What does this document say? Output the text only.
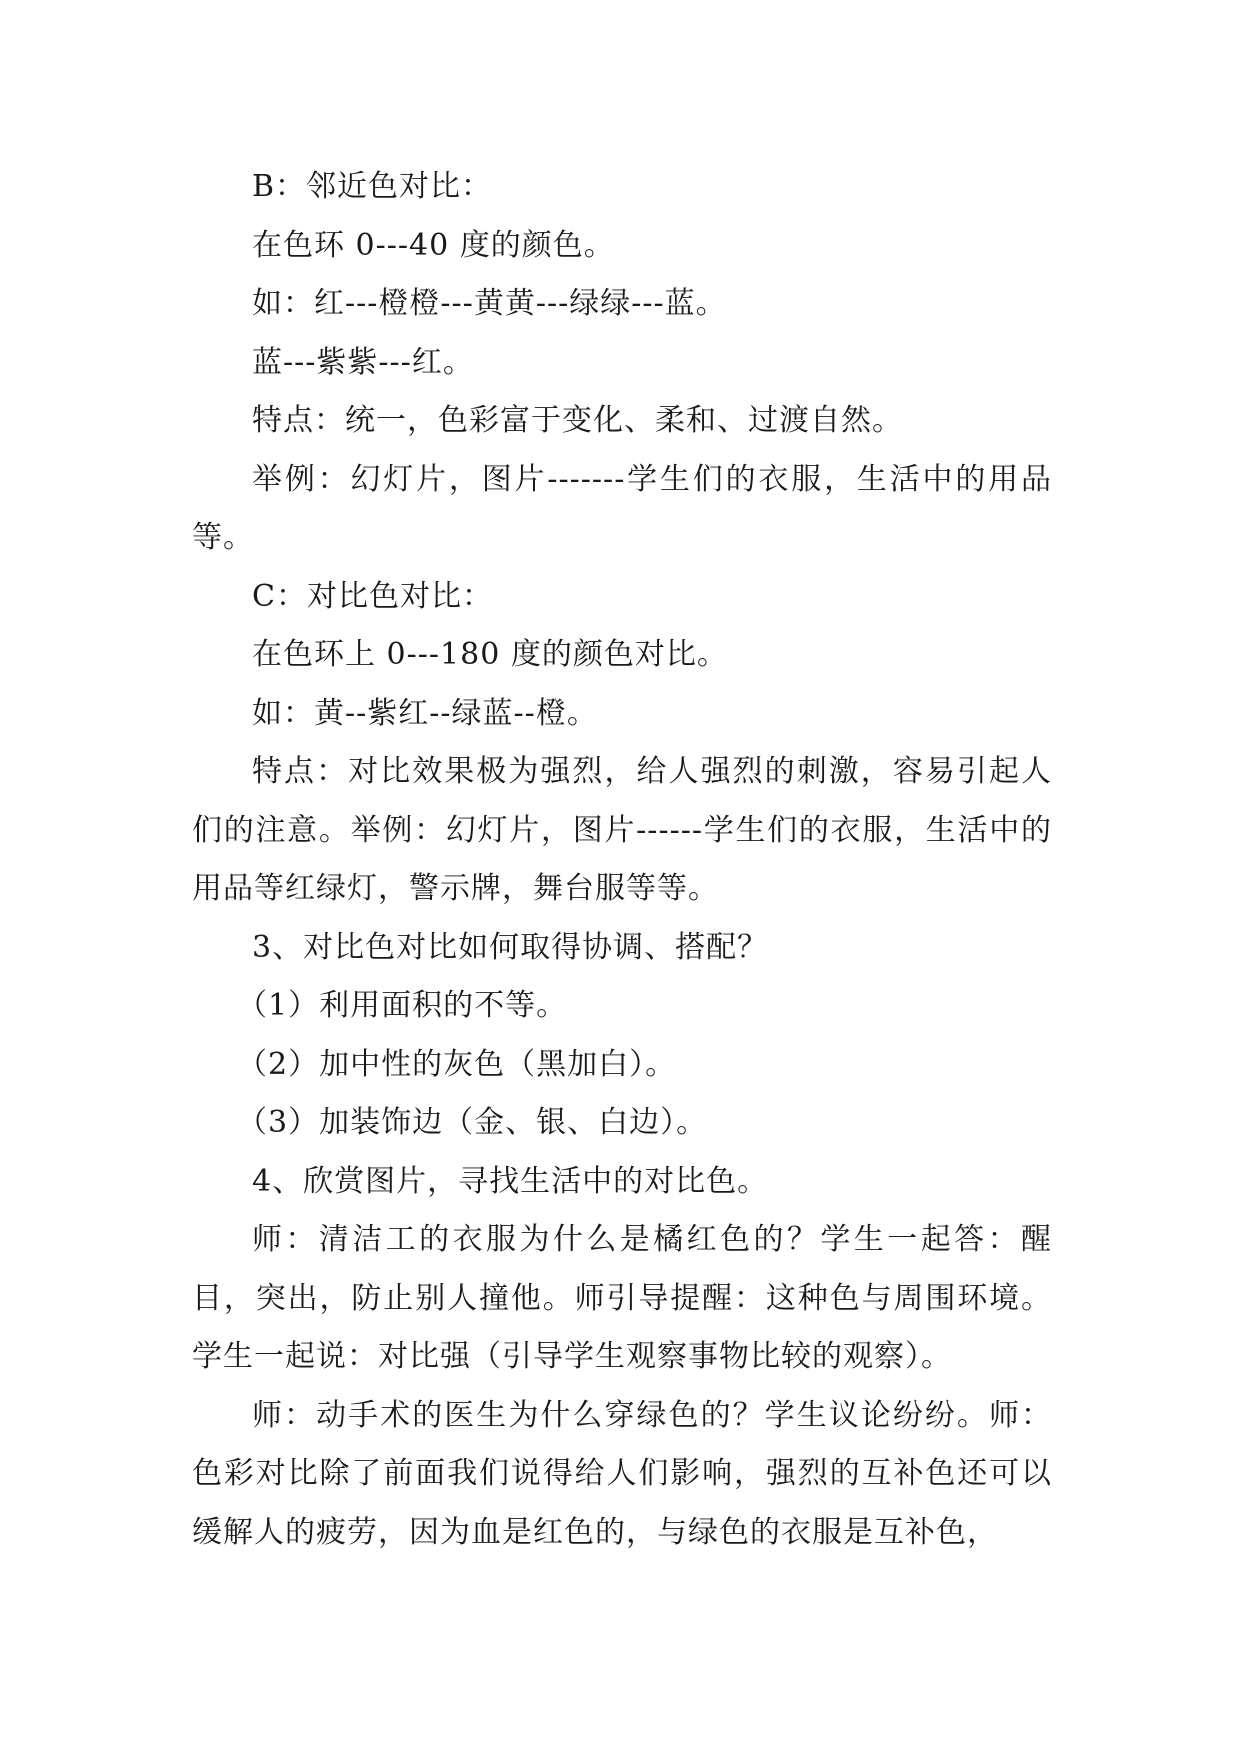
B：邻近色对比：

在色环 0---40 度的颜色。

如：红---橙橙---黄黄---绿绿---蓝。

蓝---紫紫---红。

特点：统一，色彩富于变化、柔和、过渡自然。

举例：幻灯片，图片-------学生们的衣服，生活中的用品等。

C：对比色对比：

在色环上 0---180 度的颜色对比。

如：黄--紫红--绿蓝--橙。

特点：对比效果极为强烈，给人强烈的刺激，容易引起人们的注意。举例：幻灯片，图片------学生们的衣服，生活中的用品等红绿灯，警示牌，舞台服等等。

3、对比色对比如何取得协调、搭配？

（1）利用面积的不等。

（2）加中性的灰色（黑加白）。

（3）加装饰边（金、银、白边）。

4、欣赏图片，寻找生活中的对比色。

师：清洁工的衣服为什么是橘红色的？学生一起答：醒目，突出，防止别人撞他。师引导提醒：这种色与周围环境。学生一起说：对比强（引导学生观察事物比较的观察）。

师：动手术的医生为什么穿绿色的？学生议论纷纷。师：色彩对比除了前面我们说得给人们影响，强烈的互补色还可以缓解人的疲劳，因为血是红色的，与绿色的衣服是互补色，
